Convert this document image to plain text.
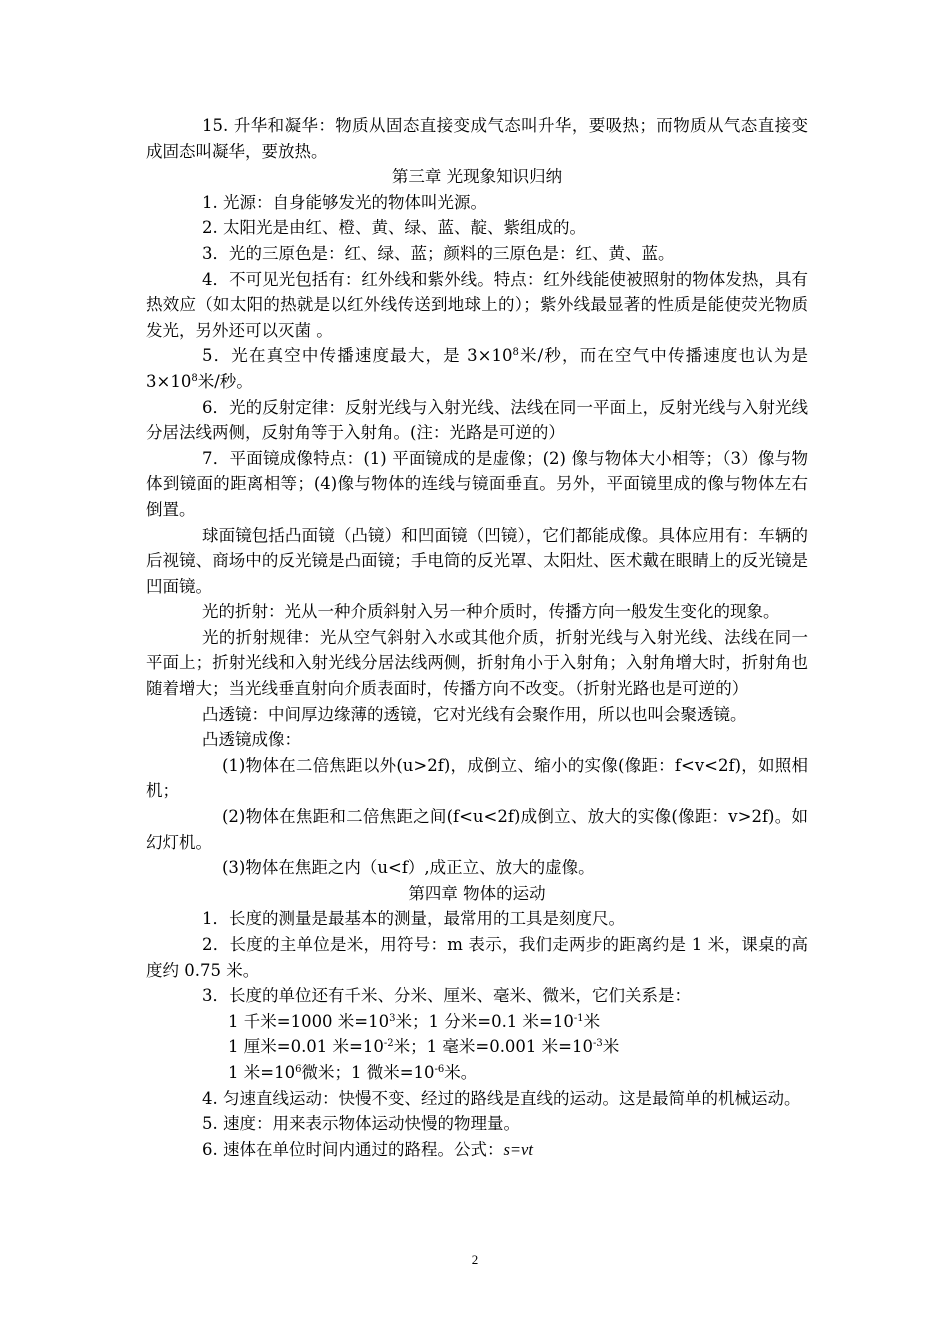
15. 升华和凝华：物质从固态直接变成气态叫升华，要吸热；而物质从气态直接变成固态叫凝华，要放热。

第三章 光现象知识归纳

1. 光源：自身能够发光的物体叫光源。

2. 太阳光是由红、橙、黄、绿、蓝、靛、紫组成的。

3．光的三原色是：红、绿、蓝；颜料的三原色是：红、黄、蓝。

4．不可见光包括有：红外线和紫外线。特点：红外线能使被照射的物体发热，具有热效应（如太阳的热就是以红外线传送到地球上的）；紫外线最显著的性质是能使荧光物质发光，另外还可以灭菌 。

5．光在真空中传播速度最大，是 $3\times 10^8$米/秒，而在空气中传播速度也认为是 $3\times 10^8$米/秒。

6．光的反射定律：反射光线与入射光线、法线在同一平面上，反射光线与入射光线分居法线两侧，反射角等于入射角。(注：光路是可逆的）

7．平面镜成像特点：(1) 平面镜成的是虚像；(2) 像与物体大小相等；（3）像与物体到镜面的距离相等；(4)像与物体的连线与镜面垂直。另外，平面镜里成的像与物体左右倒置。

球面镜包括凸面镜（凸镜）和凹面镜（凹镜），它们都能成像。具体应用有：车辆的后视镜、商场中的反光镜是凸面镜；手电筒的反光罩、太阳灶、医术戴在眼睛上的反光镜是凹面镜。

光的折射：光从一种介质斜射入另一种介质时，传播方向一般发生变化的现象。

光的折射规律：光从空气斜射入水或其他介质，折射光线与入射光线、法线在同一平面上；折射光线和入射光线分居法线两侧，折射角小于入射角；入射角增大时，折射角也随着增大；当光线垂直射向介质表面时，传播方向不改变。（折射光路也是可逆的）

凸透镜：中间厚边缘薄的透镜，它对光线有会聚作用，所以也叫会聚透镜。

凸透镜成像：

(1)物体在二倍焦距以外(u>2f)，成倒立、缩小的实像(像距：f<v<2f)，如照相机；

(2)物体在焦距和二倍焦距之间(f<u<2f)成倒立、放大的实像(像距：v>2f)。如幻灯机。

(3)物体在焦距之内（u<f）,成正立、放大的虚像。

第四章 物体的运动

1．长度的测量是最基本的测量，最常用的工具是刻度尺。

2．长度的主单位是米，用符号：m 表示，我们走两步的距离约是 1 米，课桌的高度约 0.75 米。

3．长度的单位还有千米、分米、厘米、毫米、微米，它们关系是：

1 千米=1000 米$=10^3$米；1 分米=0.1 米$=10^{-1}$米

1 厘米=0.01 米$=10^{-2}$米；1 毫米=0.001 米$=10^{-3}$米

1 米$=10^6$微米；1 微米$=10^{-6}$米。

4. 匀速直线运动：快慢不变、经过的路线是直线的运动。这是最简单的机械运动。

5. 速度：用来表示物体运动快慢的物理量。

6. 速体在单位时间内通过的路程。公式：s=vt

2
